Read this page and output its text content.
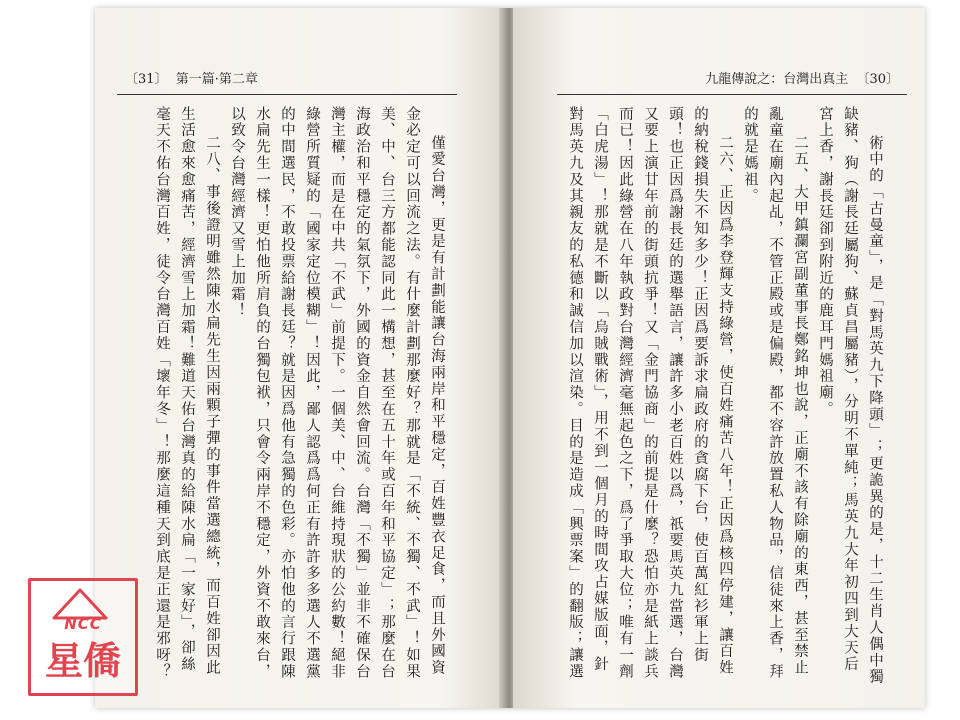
〔31〕 第一篇·第二章

僅愛台灣，更是有計劃能讓台海兩岸和平穩定，百姓豐衣足食，而且外國資金必定可以回流之法。有什麼計劃那麼好？那就是「不統、不獨、不武」！如果美、中、台三方都能認同此一構想，甚至在五十年或百年和平協定」；那麼在台海政治和平穩定的氣氛下，外國的資金自然會回流。台灣「不獨」並非不確保台灣主權，而是在中共「不武」前提下。一個美、中、台維持現狀的公約數！絕非綠營所質疑的「國家定位模糊」！因此，鄙人認爲爲何正有許許多多選人不選黨的中間選民，不敢投票給謝長廷？就是因爲他有急獨的色彩。亦怕他的言行跟陳水扁先生一樣！更怕他所肩負的台獨包袱，只會令兩岸不穩定，外資不敢來台，以致令台灣經濟又雪上加霜！

二八、事後證明雖然陳水扁先生因兩顆子彈的事件當選總統，而百姓卻因此生活愈來愈痛苦，經濟雪上加霜！難道天佑台灣真的給陳水扁「一家好」，卻絲毫天不佑台灣百姓，徒令台灣百姓「壞年冬」！那麼這種天到底是正還是邪呀？

九龍傳說之：台灣出真主 〔30〕

術中的「古曼童」，是「對馬英九下降頭」；更詭異的是，十二生肖人偶中獨缺豬、狗（謝長廷屬狗、蘇貞昌屬豬），分明不單純；馬英九大年初四到大天后宮上香，謝長廷卻到附近的鹿耳門媽祖廟。

二五、大甲鎮瀾宮副董事長鄭銘坤也說，正廟不該有除廟的東西，甚至禁止亂童在廟內起乩，不管正殿或是偏殿，都不容許放置私人物品，信徒來上香，拜的就是媽祖。

二六、正因爲李登輝支持綠營，使百姓痛苦八年！正因爲核四停建，讓百姓的納稅錢損失不知多少！正因爲要訴求扁政府的貪腐下台，使百萬紅衫軍上街頭！也正因爲謝長廷的選舉語言，讓許多小老百姓以爲，祇要馬英九當選，台灣又要上演廿年前的街頭抗爭！又「金門協商」的前提是什麼？恐怕亦是紙上談兵而已！因此綠營在八年執政對台灣經濟毫無起色之下，爲了爭取大位；唯有一劑「白虎湯」！那就是不斷以「烏賊戰術」，用不到一個月的時間攻占媒版面，針對馬英九及其親友的私德和誠信加以渲染。目的是造成「興票案」的翻版；讓選

NCC
星僑
